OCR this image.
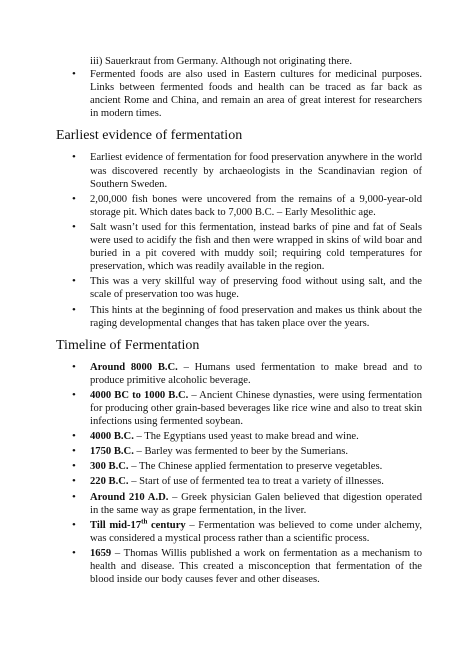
iii) Sauerkraut from Germany. Although not originating there.

• Fermented foods are also used in Eastern cultures for medicinal purposes. Links between fermented foods and health can be traced as far back as ancient Rome and China, and remain an area of great interest for researchers in modern times.
Earliest evidence of fermentation
• Earliest evidence of fermentation for food preservation anywhere in the world was discovered recently by archaeologists in the Scandinavian region of Southern Sweden.
• 2,00,000 fish bones were uncovered from the remains of a 9,000-year-old storage pit. Which dates back to 7,000 B.C. – Early Mesolithic age.
• Salt wasn’t used for this fermentation, instead barks of pine and fat of Seals were used to acidify the fish and then were wrapped in skins of wild boar and buried in a pit covered with muddy soil; requiring cold temperatures for preservation, which was readily available in the region.
• This was a very skillful way of preserving food without using salt, and the scale of preservation too was huge.
• This hints at the beginning of food preservation and makes us think about the raging developmental changes that has taken place over the years.
Timeline of Fermentation
• Around 8000 B.C. – Humans used fermentation to make bread and to produce primitive alcoholic beverage.
• 4000 BC to 1000 B.C. – Ancient Chinese dynasties, were using fermentation for producing other grain-based beverages like rice wine and also to treat skin infections using fermented soybean.
• 4000 B.C. – The Egyptians used yeast to make bread and wine.
• 1750 B.C. – Barley was fermented to beer by the Sumerians.
• 300 B.C. – The Chinese applied fermentation to preserve vegetables.
• 220 B.C. – Start of use of fermented tea to treat a variety of illnesses.
• Around 210 A.D. – Greek physician Galen believed that digestion operated in the same way as grape fermentation, in the liver.
• Till mid-17th century – Fermentation was believed to come under alchemy, was considered a mystical process rather than a scientific process.
• 1659 – Thomas Willis published a work on fermentation as a mechanism to health and disease. This created a misconception that fermentation of the blood inside our body causes fever and other diseases.
